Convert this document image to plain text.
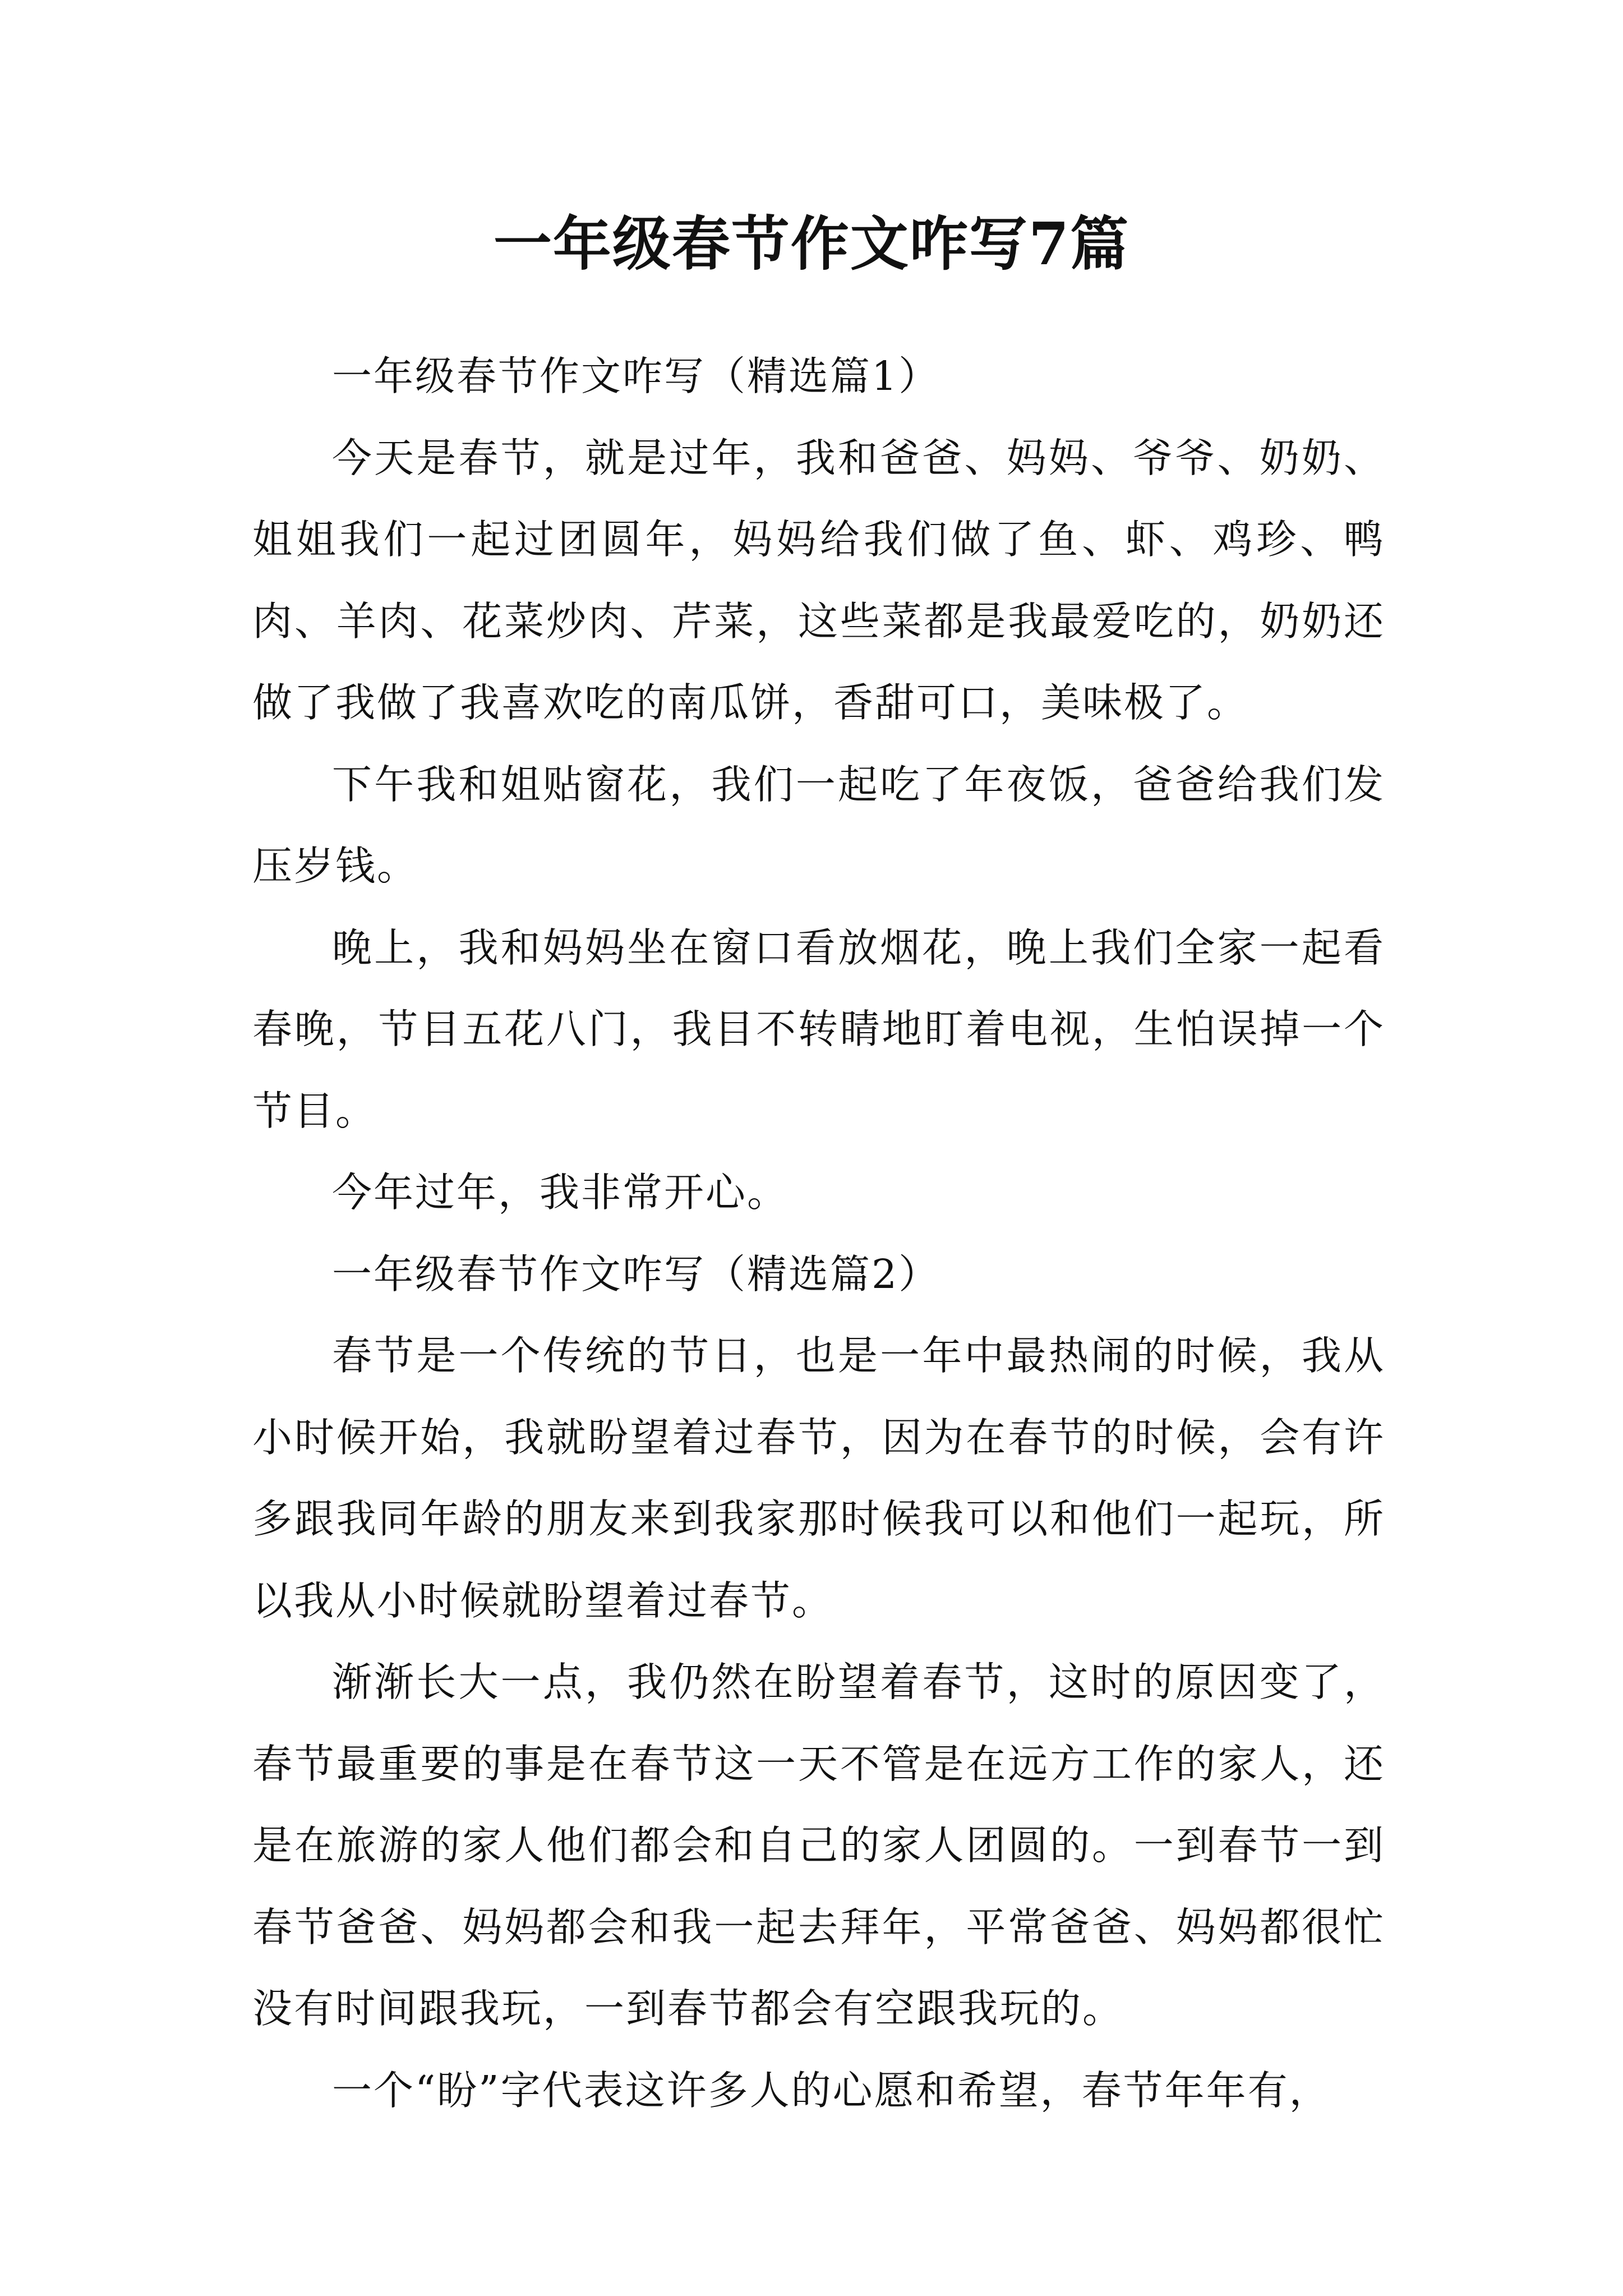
一年级春节作文咋写7篇

一年级春节作文咋写（精选篇1）

今天是春节，就是过年，我和爸爸、妈妈、爷爷、奶奶、姐姐我们一起过团圆年，妈妈给我们做了鱼、虾、鸡珍、鸭肉、羊肉、花菜炒肉、芹菜，这些菜都是我最爱吃的，奶奶还做了我做了我喜欢吃的南瓜饼，香甜可口，美味极了。

下午我和姐贴窗花，我们一起吃了年夜饭，爸爸给我们发压岁钱。

晚上，我和妈妈坐在窗口看放烟花，晚上我们全家一起看春晚，节目五花八门，我目不转睛地盯着电视，生怕误掉一个节目。

今年过年，我非常开心。

一年级春节作文咋写（精选篇2）

春节是一个传统的节日，也是一年中最热闹的时候，我从小时候开始，我就盼望着过春节，因为在春节的时候，会有许多跟我同年龄的朋友来到我家那时候我可以和他们一起玩，所以我从小时候就盼望着过春节。

渐渐长大一点，我仍然在盼望着春节，这时的原因变了，春节最重要的事是在春节这一天不管是在远方工作的家人，还是在旅游的家人他们都会和自己的家人团圆的。一到春节一到春节爸爸、妈妈都会和我一起去拜年，平常爸爸、妈妈都很忙没有时间跟我玩，一到春节都会有空跟我玩的。

一个“盼”字代表这许多人的心愿和希望，春节年年有，
